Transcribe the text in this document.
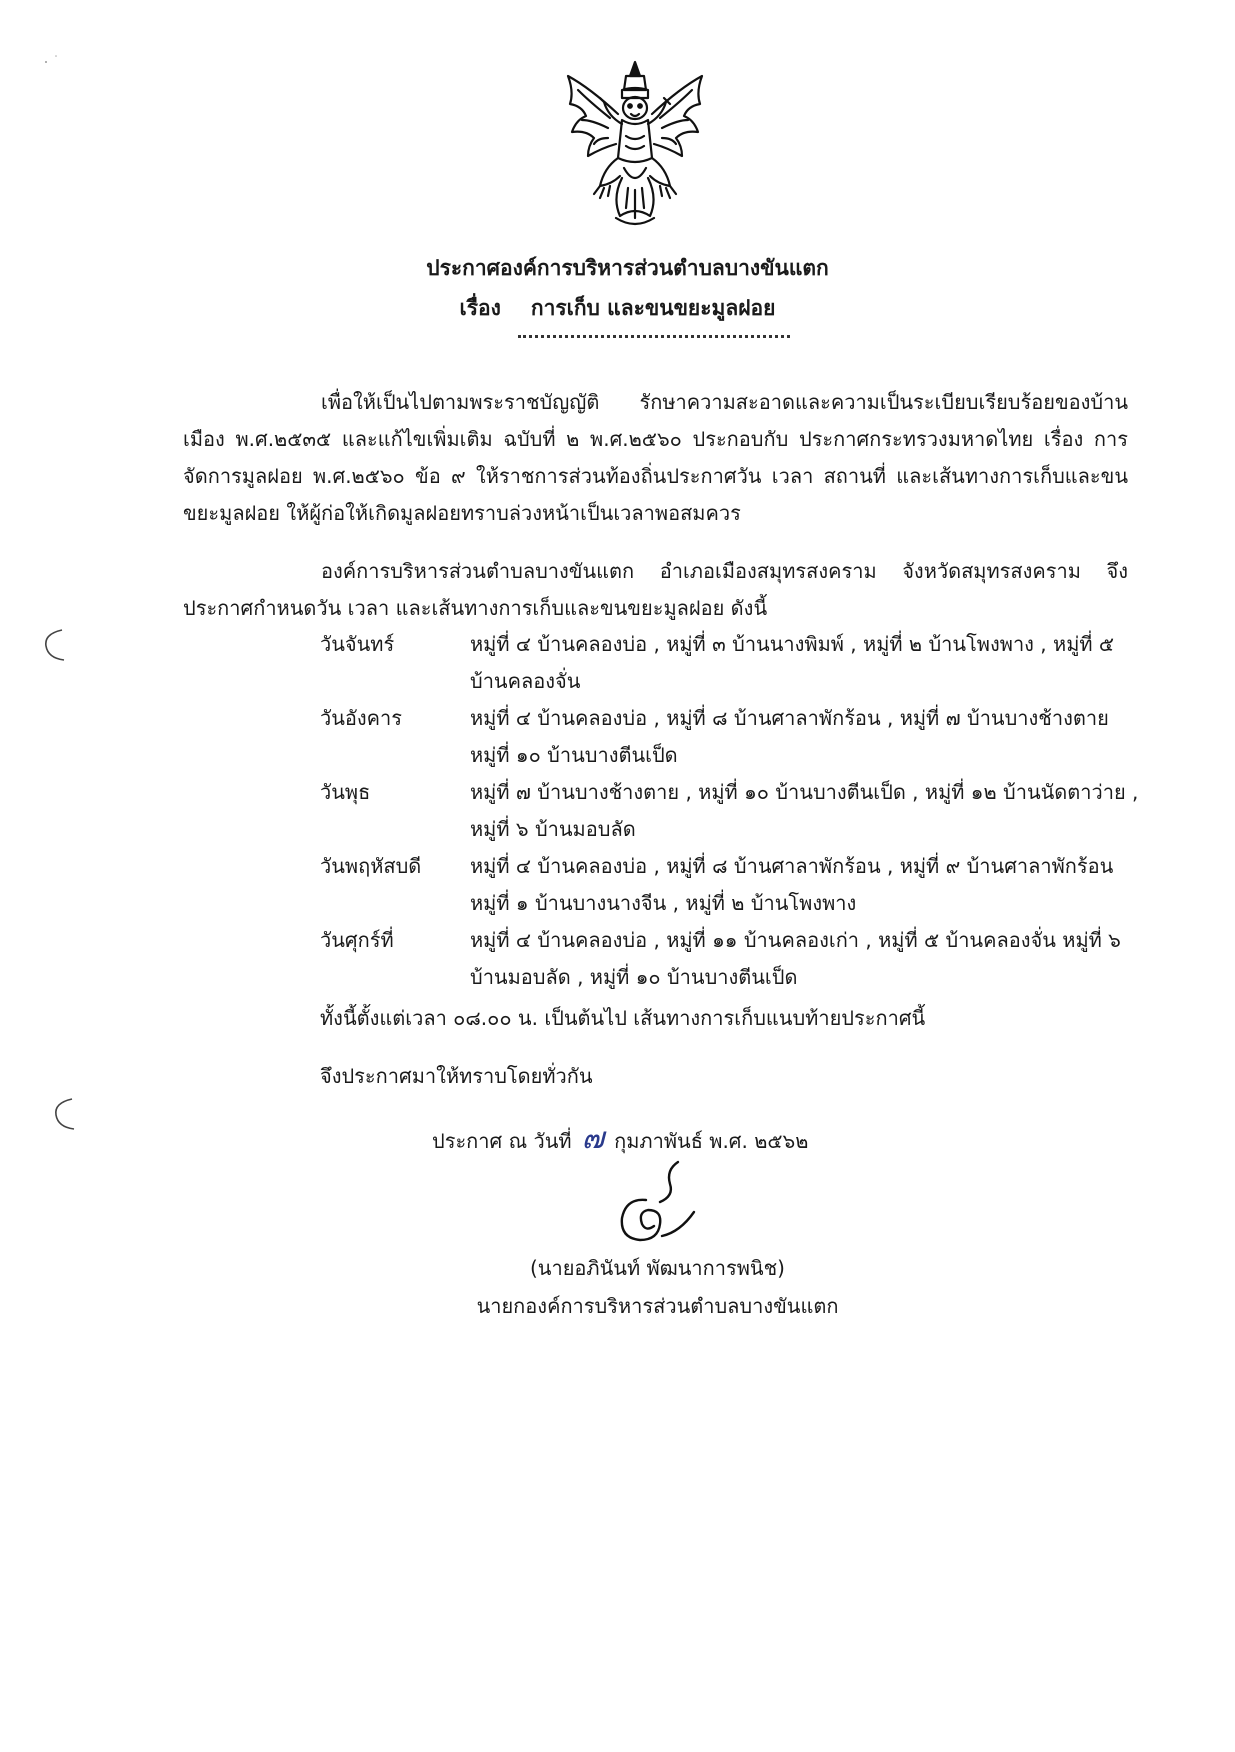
ประกาศองค์การบริหารส่วนตำบลบางขันแตก
เรื่อง การเก็บ และขนขยะมูลฝอย
เพื่อให้เป็นไปตามพระราชบัญญัติ รักษาความสะอาดและความเป็นระเบียบเรียบร้อยของบ้านเมือง พ.ศ.๒๕๓๕ และแก้ไขเพิ่มเติม ฉบับที่ ๒ พ.ศ.๒๕๖๐ ประกอบกับ ประกาศกระทรวงมหาดไทย เรื่อง การจัดการมูลฝอย พ.ศ.๒๕๖๐ ข้อ ๙ ให้ราชการส่วนท้องถิ่นประกาศวัน เวลา สถานที่ และเส้นทางการเก็บและขนขยะมูลฝอย ให้ผู้ก่อให้เกิดมูลฝอยทราบล่วงหน้าเป็นเวลาพอสมควร
องค์การบริหารส่วนตำบลบางขันแตก อำเภอเมืองสมุทรสงคราม จังหวัดสมุทรสงคราม จึงประกาศกำหนดวัน เวลา และเส้นทางการเก็บและขนขยะมูลฝอย ดังนี้
วันจันทร์	หมู่ที่ ๔ บ้านคลองบ่อ , หมู่ที่ ๓ บ้านนางพิมพ์ , หมู่ที่ ๒ บ้านโพงพาง , หมู่ที่ ๕ บ้านคลองจั่น
วันอังคาร	หมู่ที่ ๔ บ้านคลองบ่อ , หมู่ที่ ๘ บ้านศาลาพักร้อน , หมู่ที่ ๗ บ้านบางช้างตาย หมู่ที่ ๑๐ บ้านบางตีนเป็ด
วันพุธ	หมู่ที่ ๗ บ้านบางช้างตาย , หมู่ที่ ๑๐ บ้านบางตีนเป็ด , หมู่ที่ ๑๒ บ้านนัดตาว่าย , หมู่ที่ ๖ บ้านมอบลัด
วันพฤหัสบดี	หมู่ที่ ๔ บ้านคลองบ่อ , หมู่ที่ ๘ บ้านศาลาพักร้อน , หมู่ที่ ๙ บ้านศาลาพักร้อน หมู่ที่ ๑ บ้านบางนางจีน , หมู่ที่ ๒ บ้านโพงพาง
วันศุกร์ที่	หมู่ที่ ๔ บ้านคลองบ่อ , หมู่ที่ ๑๑ บ้านคลองเก่า , หมู่ที่ ๕ บ้านคลองจั่น หมู่ที่ ๖ บ้านมอบลัด , หมู่ที่ ๑๐ บ้านบางตีนเป็ด
ทั้งนี้ตั้งแต่เวลา ๐๘.๐๐ น. เป็นต้นไป เส้นทางการเก็บแนบท้ายประกาศนี้
จึงประกาศมาให้ทราบโดยทั่วกัน
ประกาศ ณ วันที่ ๗ กุมภาพันธ์ พ.ศ. ๒๕๖๒
(นายอภินันท์ พัฒนาการพนิช)
นายกองค์การบริหารส่วนตำบลบางขันแตก
